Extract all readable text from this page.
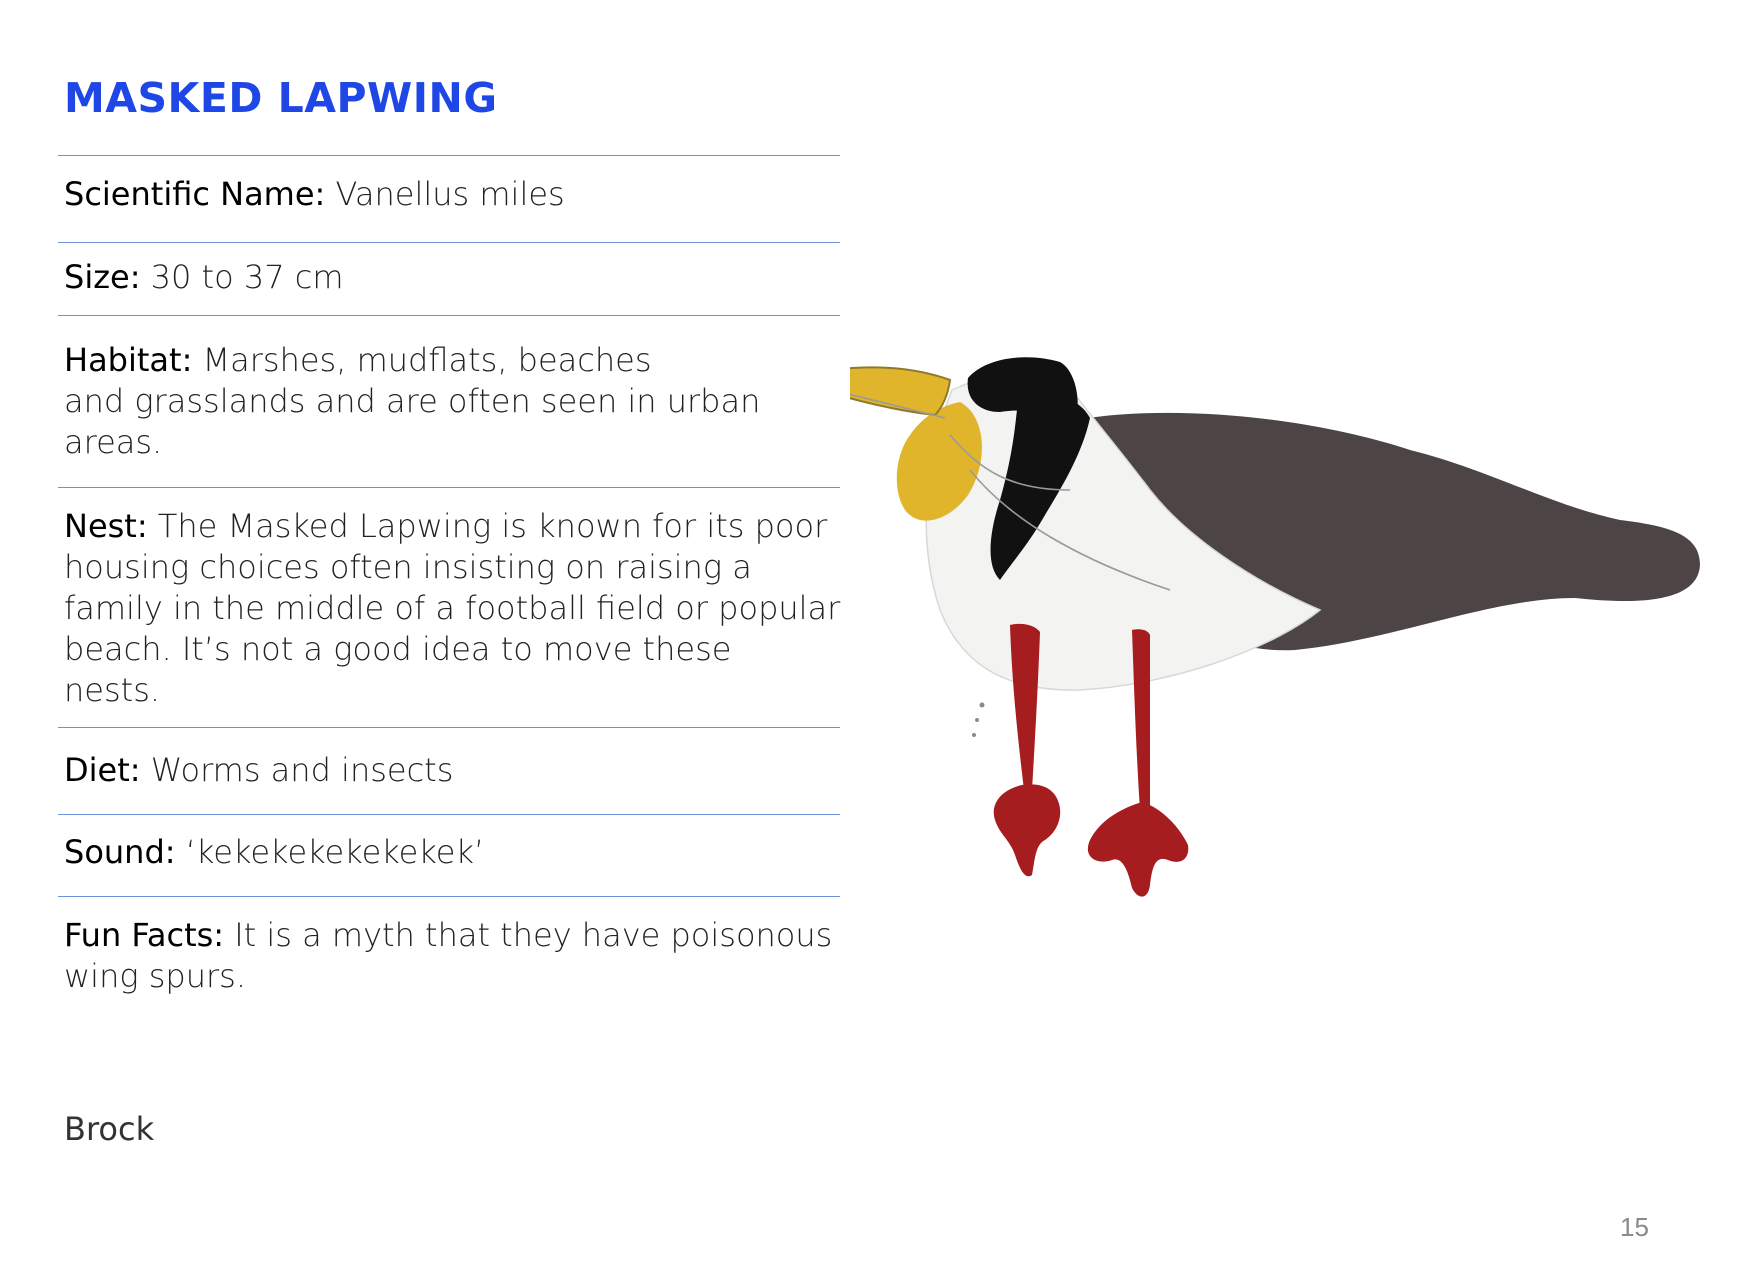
MASKED LAPWING

Scientific Name: Vanellus miles

Size: 30 to 37 cm

Habitat: Marshes, mudflats, beaches
and grasslands and are often seen in urban
areas.

Nest: The Masked Lapwing is known for its poor
housing choices often insisting on raising a
family in the middle of a football field or popular
beach. It’s not a good idea to move these
nests.

Diet: Worms and insects

Sound: ‘kekekekekekekek’

Fun Facts: It is a myth that they have poisonous
wing spurs.

Brock
15
